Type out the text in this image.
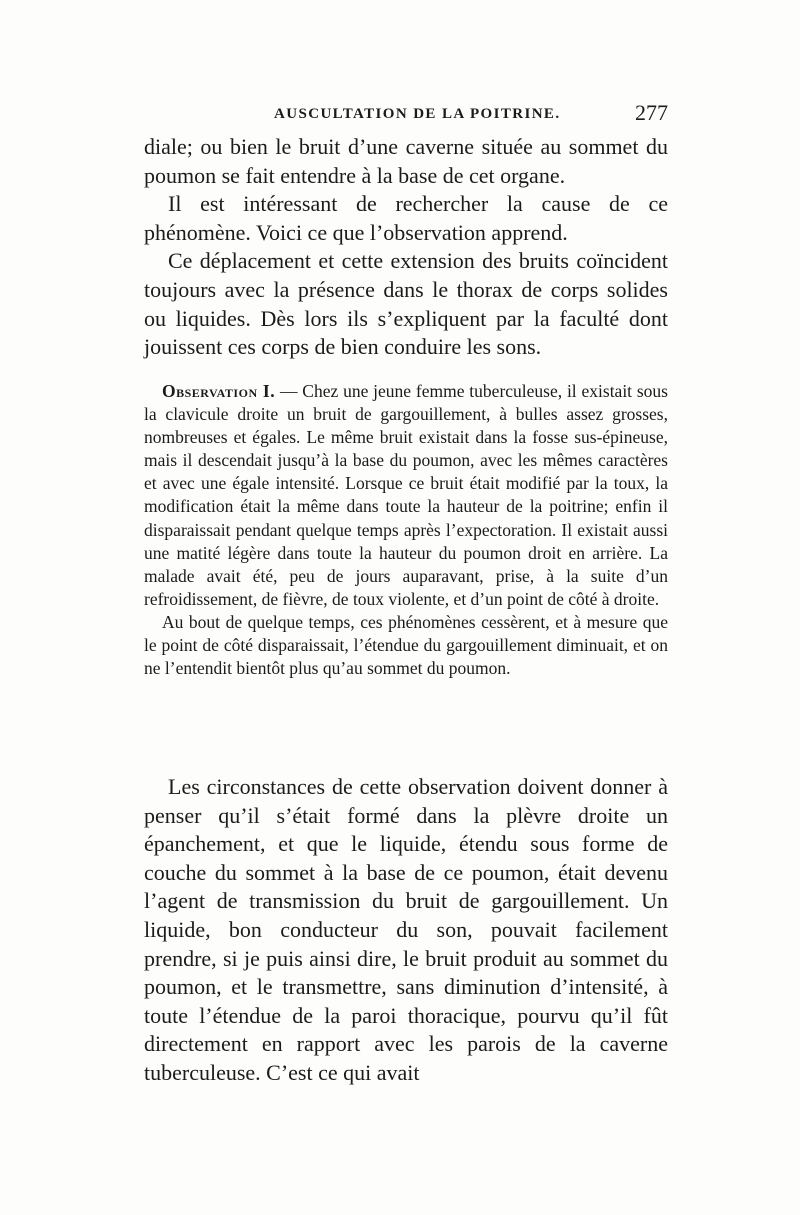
AUSCULTATION DE LA POITRINE.	277

diale; ou bien le bruit d’une caverne située au sommet du poumon se fait entendre à la base de cet organe.

Il est intéressant de rechercher la cause de ce phénomène. Voici ce que l’observation apprend.

Ce déplacement et cette extension des bruits coïncident toujours avec la présence dans le thorax de corps solides ou liquides. Dès lors ils s’expliquent par la faculté dont jouissent ces corps de bien conduire les sons.

Observation I. — Chez une jeune femme tuberculeuse, il existait sous la clavicule droite un bruit de gargouillement, à bulles assez grosses, nombreuses et égales. Le même bruit existait dans la fosse sus-épineuse, mais il descendait jusqu’à la base du poumon, avec les mêmes caractères et avec une égale intensité. Lorsque ce bruit était modifié par la toux, la modification était la même dans toute la hauteur de la poitrine; enfin il disparaissait pendant quelque temps après l’expectoration. Il existait aussi une matité légère dans toute la hauteur du poumon droit en arrière. La malade avait été, peu de jours auparavant, prise, à la suite d’un refroidissement, de fièvre, de toux violente, et d’un point de côté à droite.

Au bout de quelque temps, ces phénomènes cessèrent, et à mesure que le point de côté disparaissait, l’étendue du gargouillement diminuait, et on ne l’entendit bientôt plus qu’au sommet du poumon.

Les circonstances de cette observation doivent donner à penser qu’il s’était formé dans la plèvre droite un épanchement, et que le liquide, étendu sous forme de couche du sommet à la base de ce poumon, était devenu l’agent de transmission du bruit de gargouillement. Un liquide, bon conducteur du son, pouvait facilement prendre, si je puis ainsi dire, le bruit produit au sommet du poumon, et le transmettre, sans diminution d’intensité, à toute l’étendue de la paroi thoracique, pourvu qu’il fût directement en rapport avec les parois de la caverne tuberculeuse. C’est ce qui avait
